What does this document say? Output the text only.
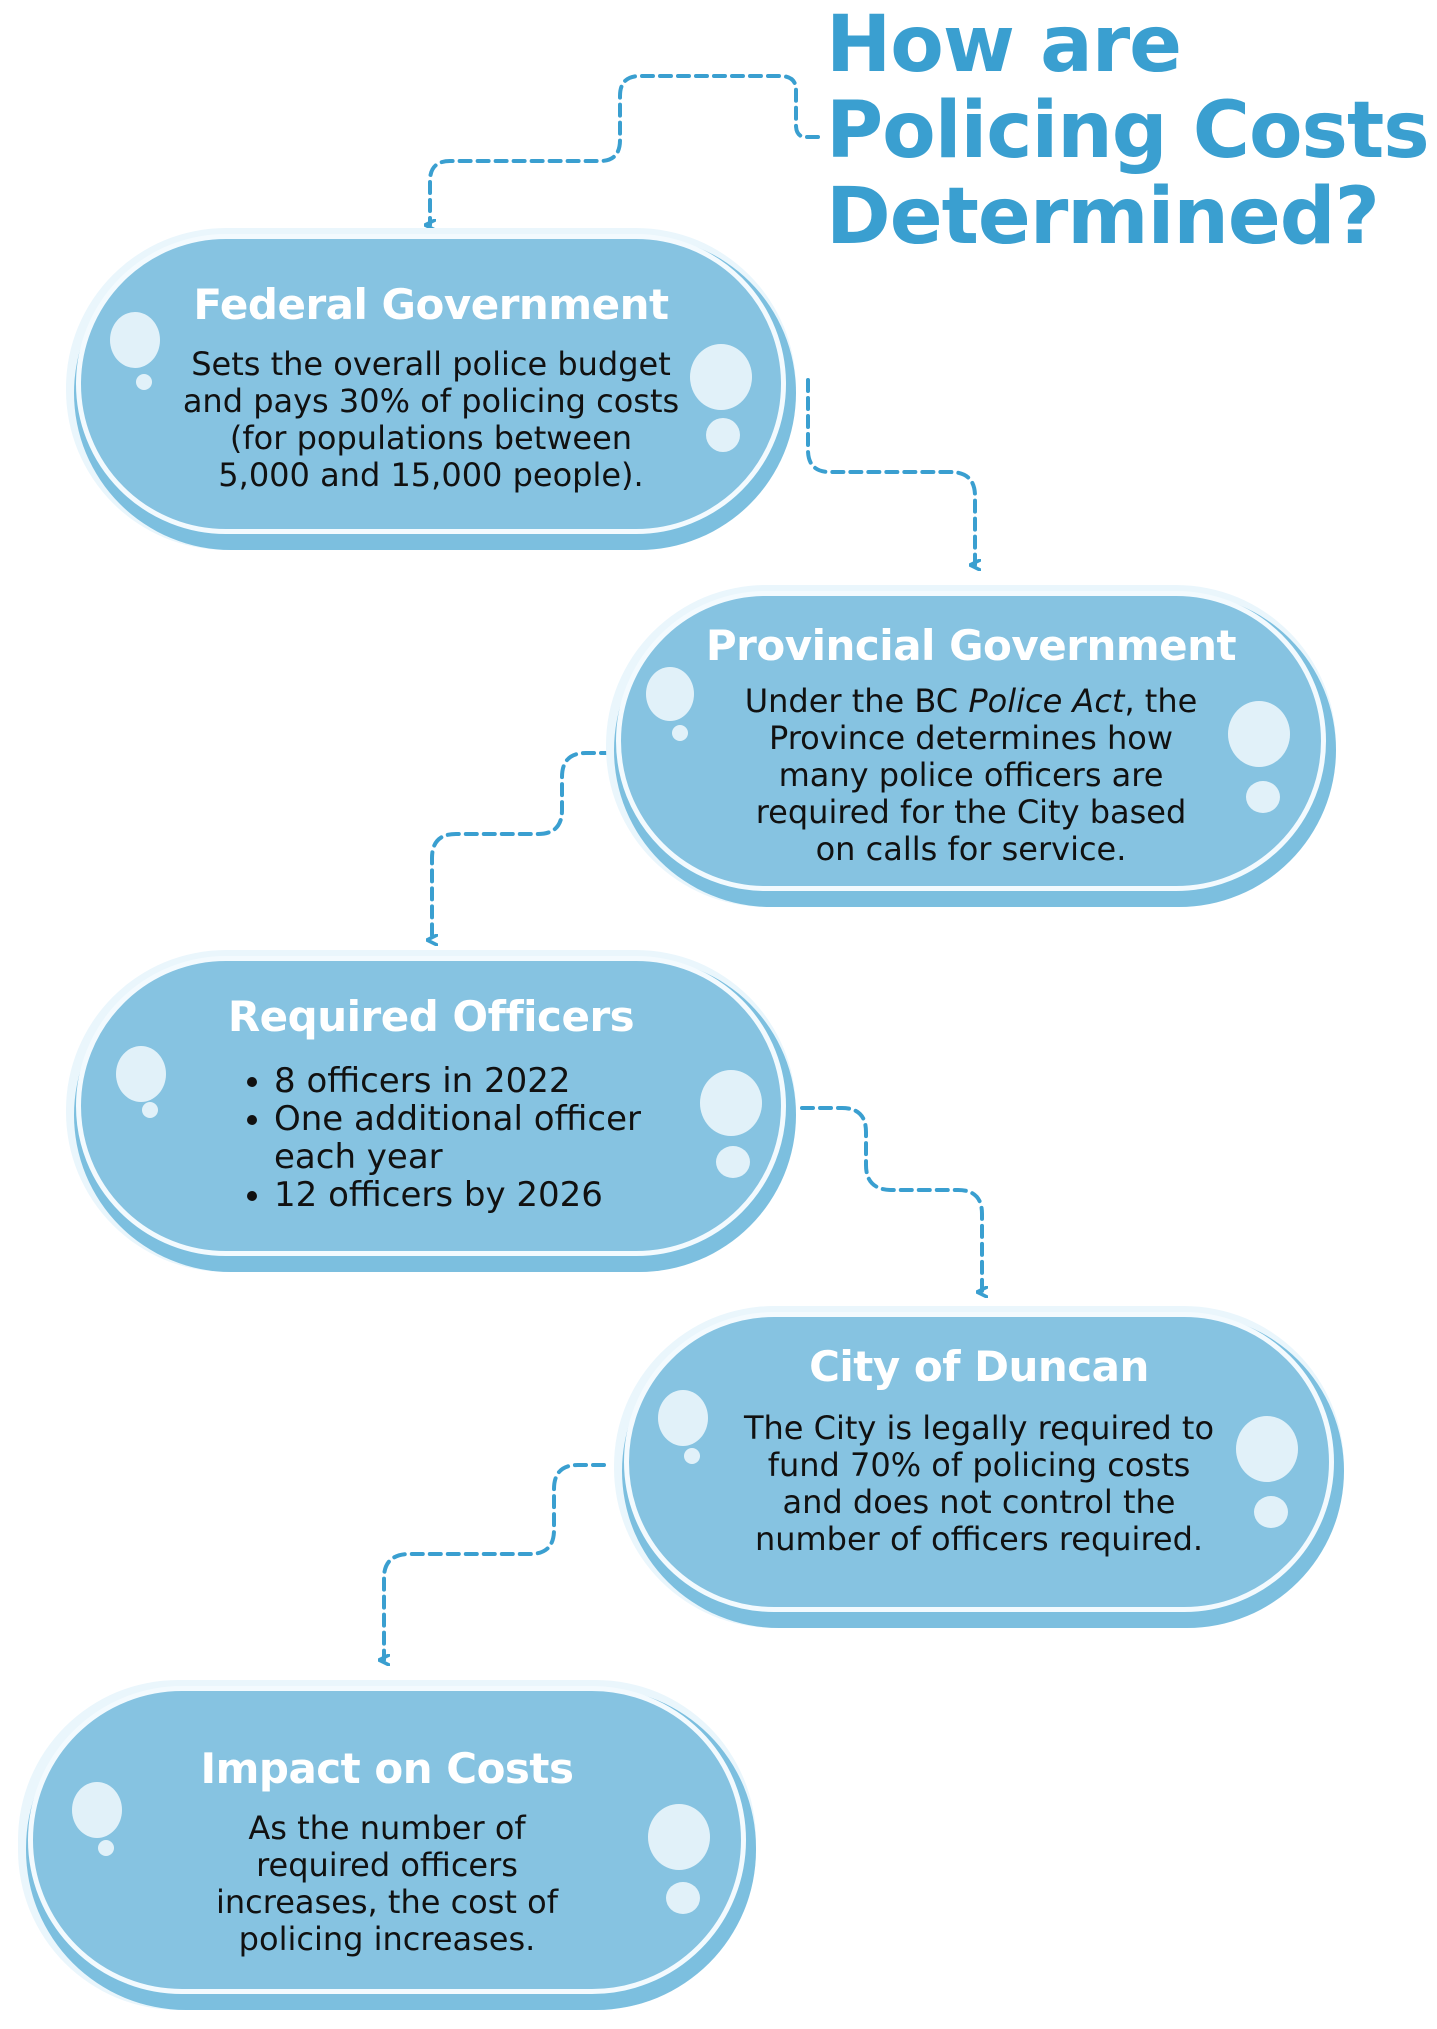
How are
Policing Costs
Determined?
Federal Government
Sets the overall police budget
and pays 30% of policing costs
(for populations between
5,000 and 15,000 people).
Provincial Government
Under the BC Police Act, the
Province determines how
many police officers are
required for the City based
on calls for service.
Required Officers
• 8 officers in 2022
• One additional officer
each year
• 12 officers by 2026
City of Duncan
The City is legally required to
fund 70% of policing costs
and does not control the
number of officers required.
Impact on Costs
As the number of
required officers
increases, the cost of
policing increases.
